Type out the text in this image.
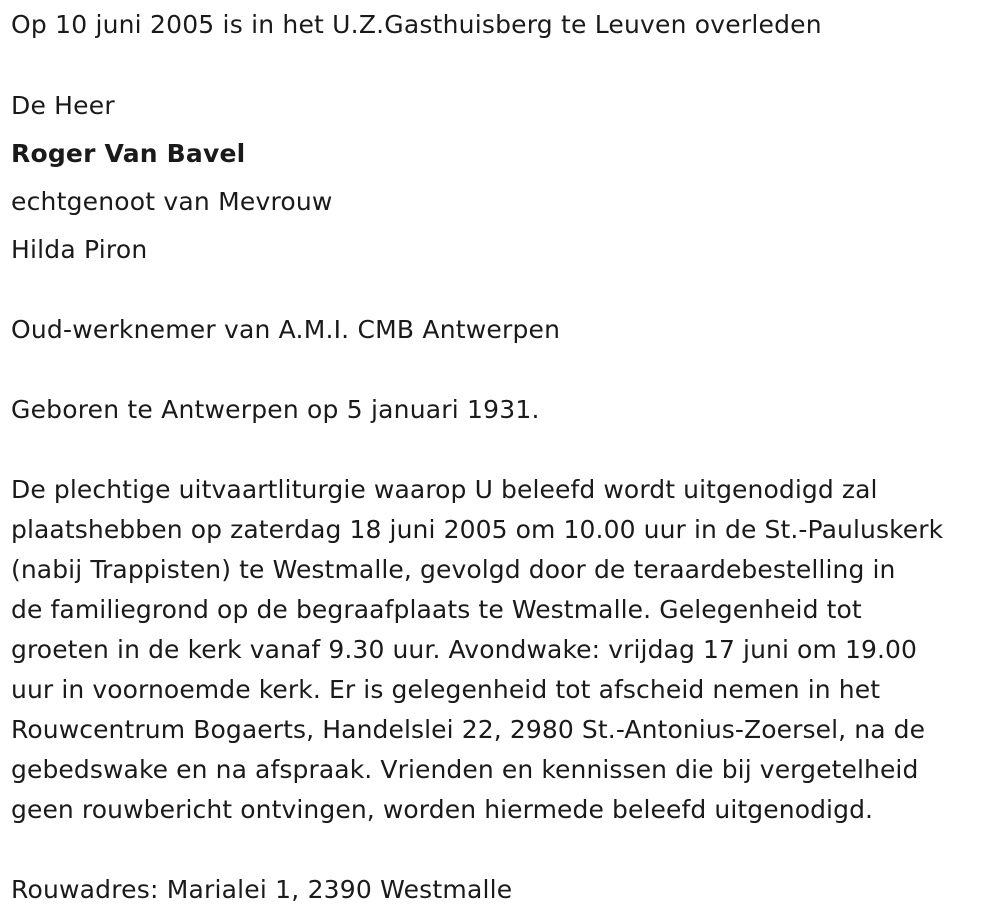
Op 10 juni 2005 is in het U.Z.Gasthuisberg te Leuven overleden
De Heer
Roger Van Bavel
echtgenoot van Mevrouw
Hilda Piron
Oud-werknemer van A.M.I. CMB Antwerpen
Geboren te Antwerpen op 5 januari 1931.
De plechtige uitvaartliturgie waarop U beleefd wordt uitgenodigd zal
plaatshebben op zaterdag 18 juni 2005 om 10.00 uur in de St.-Pauluskerk
(nabij Trappisten) te Westmalle, gevolgd door de teraardebestelling in
de familiegrond op de begraafplaats te Westmalle. Gelegenheid tot
groeten in de kerk vanaf 9.30 uur. Avondwake: vrijdag 17 juni om 19.00
uur in voornoemde kerk. Er is gelegenheid tot afscheid nemen in het
Rouwcentrum Bogaerts, Handelslei 22, 2980 St.-Antonius-Zoersel, na de
gebedswake en na afspraak. Vrienden en kennissen die bij vergetelheid
geen rouwbericht ontvingen, worden hiermede beleefd uitgenodigd.
Rouwadres: Marialei 1, 2390 Westmalle
